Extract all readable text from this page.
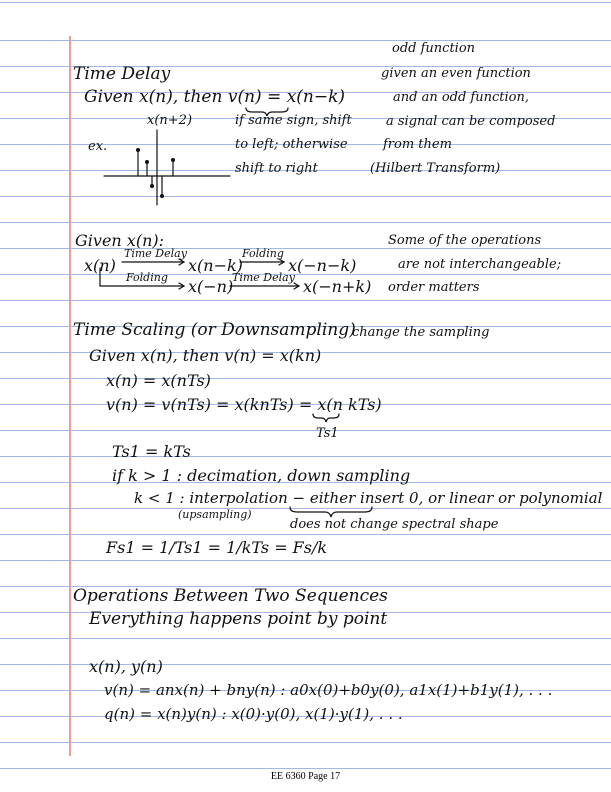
Time Delay
Given x(n), then v(n) = x(n−k)
x(n+2)
ex.
if same sign, shift
to left; otherwise
shift to right
odd function
given an even function
and an odd function,
a signal can be composed
from them
(Hilbert Transform)
Given x(n):
x(n)
Time Delay
x(n−k)
Folding
x(−n−k)
Folding x(−n)
Time Delay x(−n+k)
Some of the operations
are not interchangeable;
order matters
Time Scaling (or Downsampling)
change the sampling
Given x(n), then v(n) = x(kn)
x(n) = x(nTs)
v(n) = v(nTs) = x(knTs) = x(n kTs)
Ts1
Ts1 = kTs
if k > 1 : decimation, down sampling
k < 1 : interpolation − either insert 0, or linear or polynomial
(upsampling)
does not change spectral shape
Fs1 = 1/Ts1 = 1/kTs = Fs/k
Operations Between Two Sequences
Everything happens point by point
x(n), y(n)
v(n) = anx(n) + bny(n) : a0x(0)+b0y(0), a1x(1)+b1y(1), . . .
q(n) = x(n)y(n) : x(0)·y(0), x(1)·y(1), . . .
EE 6360 Page 17
